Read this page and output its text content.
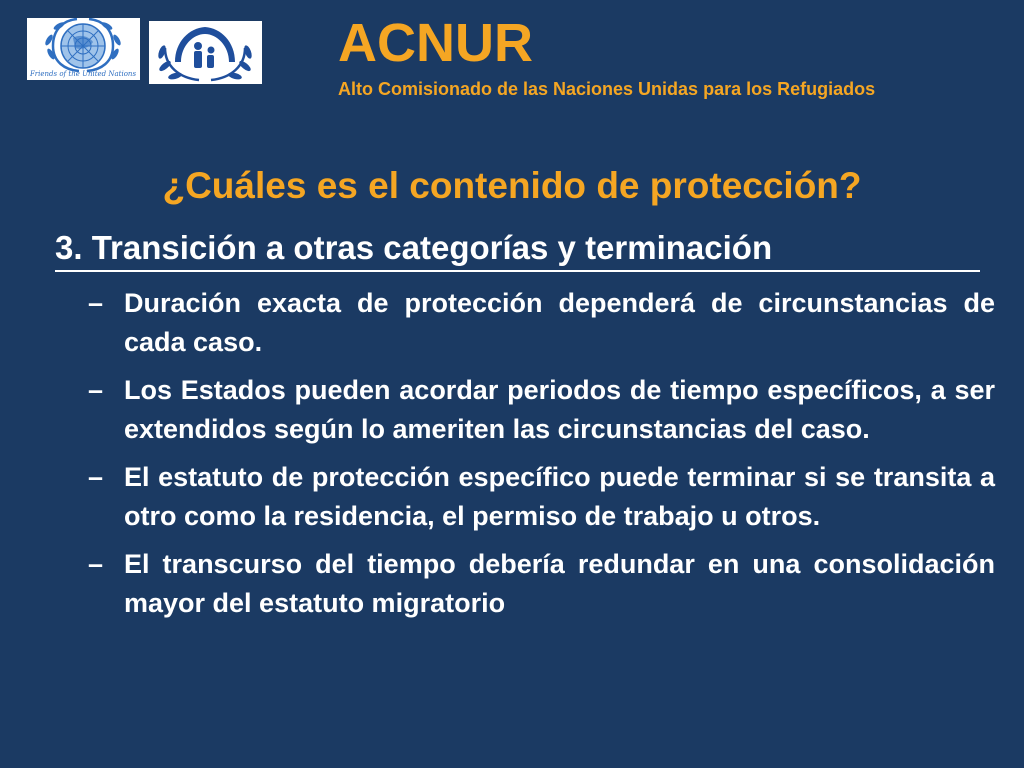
Friends of the United Nations
ACNUR
Alto Comisionado de las Naciones Unidas para los Refugiados
¿Cuáles es el contenido de protección?
3. Transición a otras categorías y terminación
– Duración exacta de protección dependerá de circunstancias de cada caso.
– Los Estados pueden acordar periodos de tiempo específicos, a ser extendidos según lo ameriten las circunstancias del caso.
– El estatuto de protección específico puede terminar si se transita a otro como la residencia, el permiso de trabajo u otros.
– El transcurso del tiempo debería redundar en una consolidación mayor del estatuto migratorio
